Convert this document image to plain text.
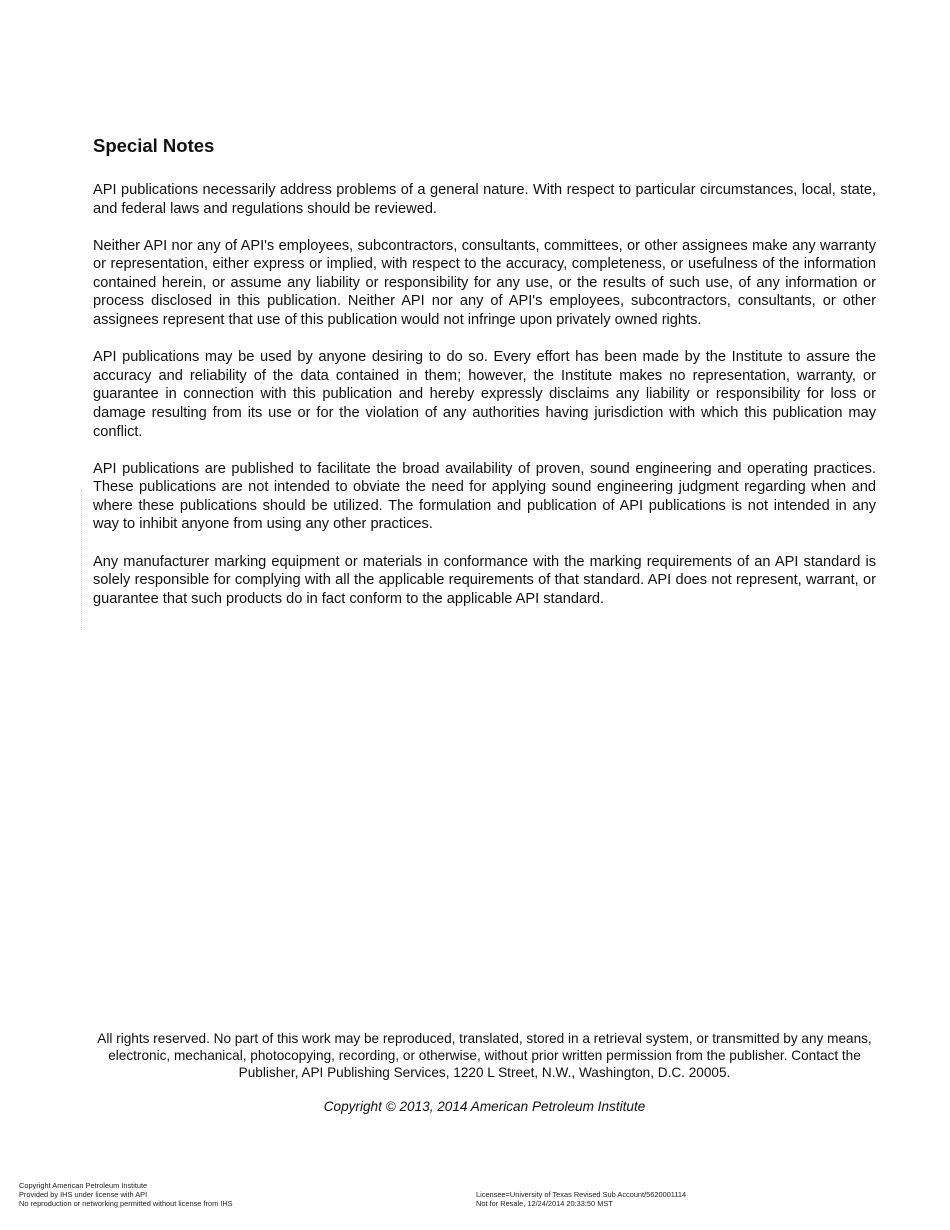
Special Notes

API publications necessarily address problems of a general nature. With respect to particular circumstances, local, state, and federal laws and regulations should be reviewed.

Neither API nor any of API's employees, subcontractors, consultants, committees, or other assignees make any warranty or representation, either express or implied, with respect to the accuracy, completeness, or usefulness of the information contained herein, or assume any liability or responsibility for any use, or the results of such use, of any information or process disclosed in this publication. Neither API nor any of API's employees, subcontractors, consultants, or other assignees represent that use of this publication would not infringe upon privately owned rights.

API publications may be used by anyone desiring to do so. Every effort has been made by the Institute to assure the accuracy and reliability of the data contained in them; however, the Institute makes no representation, warranty, or guarantee in connection with this publication and hereby expressly disclaims any liability or responsibility for loss or damage resulting from its use or for the violation of any authorities having jurisdiction with which this publication may conflict.

API publications are published to facilitate the broad availability of proven, sound engineering and operating practices. These publications are not intended to obviate the need for applying sound engineering judgment regarding when and where these publications should be utilized. The formulation and publication of API publications is not intended in any way to inhibit anyone from using any other practices.

Any manufacturer marking equipment or materials in conformance with the marking requirements of an API standard is solely responsible for complying with all the applicable requirements of that standard. API does not represent, warrant, or guarantee that such products do in fact conform to the applicable API standard.

All rights reserved. No part of this work may be reproduced, translated, stored in a retrieval system, or transmitted by any means, electronic, mechanical, photocopying, recording, or otherwise, without prior written permission from the publisher. Contact the Publisher, API Publishing Services, 1220 L Street, N.W., Washington, D.C. 20005.

Copyright © 2013, 2014 American Petroleum Institute

Copyright American Petroleum Institute
Provided by IHS under license with API
No reproduction or networking permitted without license from IHS
Licensee=University of Texas Revised Sub Account/5620001114
Not for Resale, 12/24/2014 20:33:50 MST
